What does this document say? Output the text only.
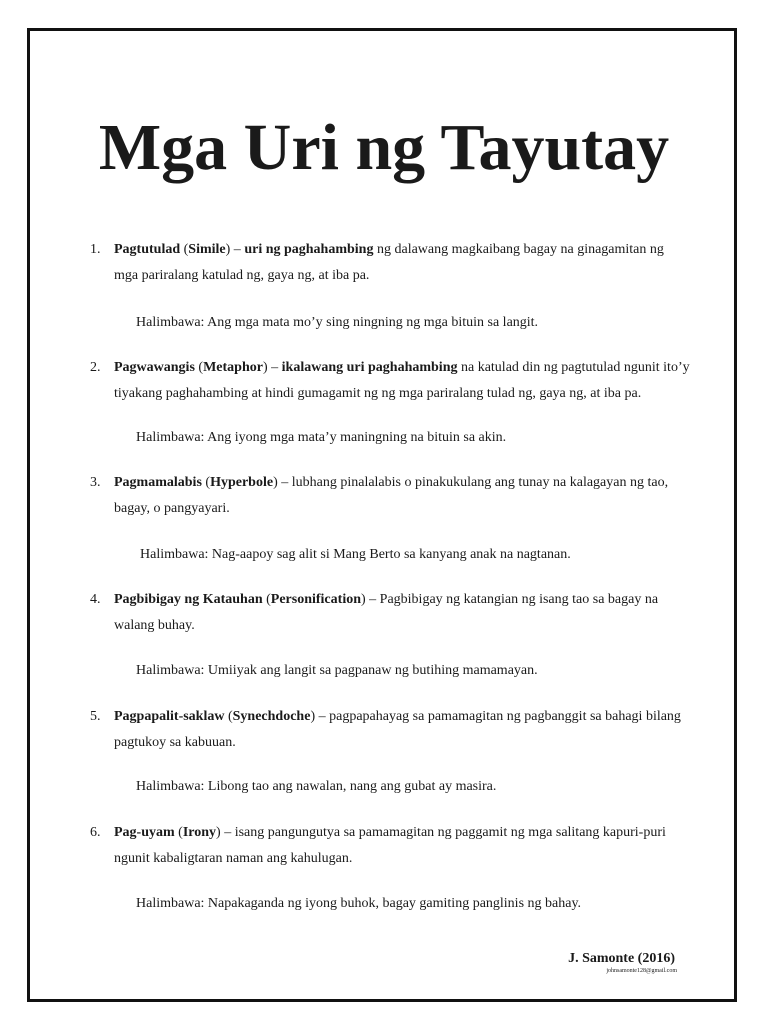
Mga Uri ng Tayutay
1. Pagtutulad (Simile) – uri ng paghahambing ng dalawang magkaibang bagay na ginagamitan ng mga pariralang katulad ng, gaya ng, at iba pa.
Halimbawa: Ang mga mata mo’y sing ningning ng mga bituin sa langit.
2. Pagwawangis (Metaphor) – ikalawang uri paghahambing na katulad din ng pagtutulad ngunit ito’y tiyakang paghahambing at hindi gumagamit ng ng mga pariralang tulad ng, gaya ng, at iba pa.
Halimbawa: Ang iyong mga mata’y maningning na bituin sa akin.
3. Pagmamalabis (Hyperbole) – lubhang pinalalabis o pinakukulang ang tunay na kalagayan ng tao, bagay, o pangyayari.
Halimbawa: Nag-aapoy sag alit si Mang Berto sa kanyang anak na nagtanan.
4. Pagbibigay ng Katauhan (Personification) – Pagbibigay ng katangian ng isang tao sa bagay na walang buhay.
Halimbawa: Umiiyak ang langit sa pagpanaw ng butihing mamamayan.
5. Pagpapalit-saklaw (Synechdoche) – pagpapahayag sa pamamagitan ng pagbanggit sa bahagi bilang pagtukoy sa kabuuan.
Halimbawa: Libong tao ang nawalan, nang ang gubat ay masira.
6. Pag-uyam (Irony) – isang pangungutya sa pamamagitan ng paggamit ng mga salitang kapuri-puri ngunit kabaligtaran naman ang kahulugan.
Halimbawa: Napakaganda ng iyong buhok, bagay gamiting panglinis ng bahay.
J. Samonte (2016)
johnsamonte128@gmail.com
